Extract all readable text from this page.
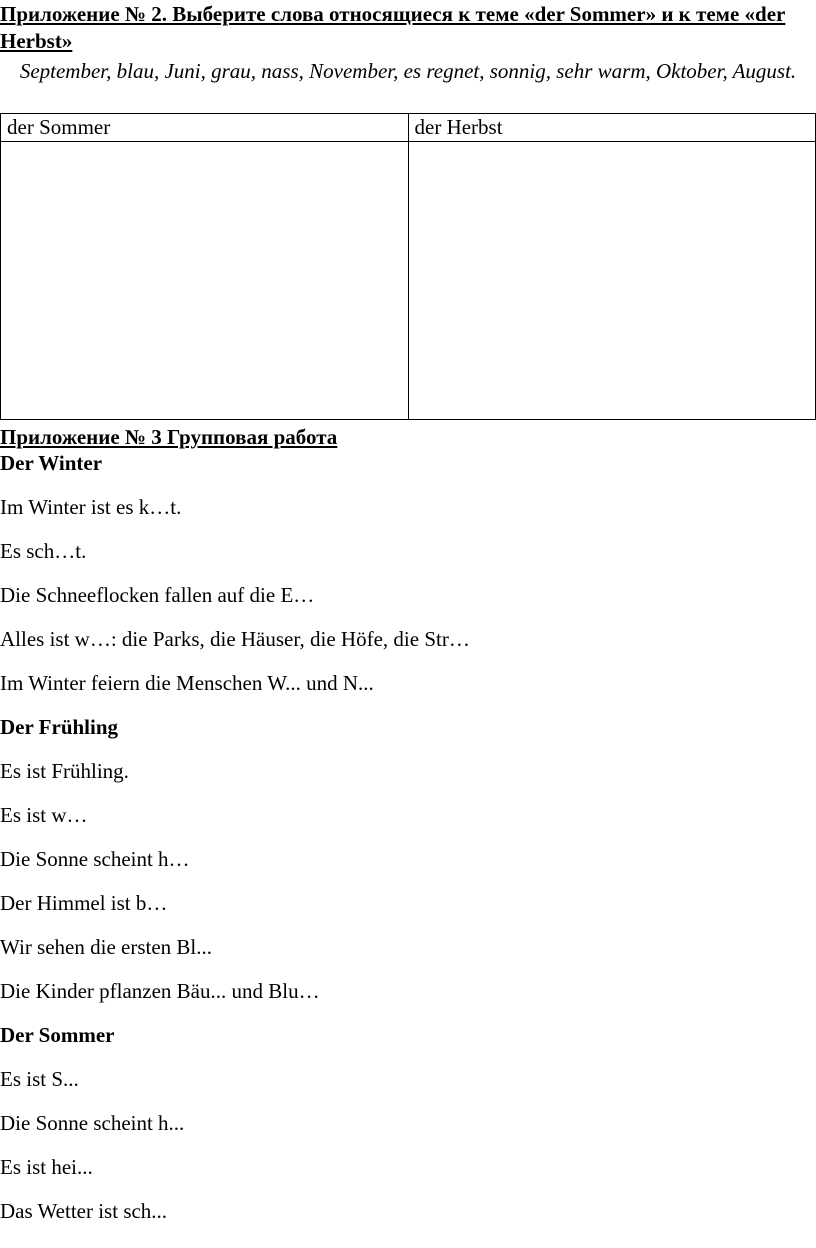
Приложение № 2. Выберите слова относящиеся к теме «der Sommer» и к теме «der Herbst»

September, blau, Juni, grau, nass, November, es regnet, sonnig, sehr warm, Oktober, August.

der Sommer	der Herbst

Приложение № 3 Групповая работа

Der Winter

Im Winter ist es k…t.

Es sch…t.

Die Schneeflocken fallen auf die E…

Alles ist w…: die Parks, die Häuser, die Höfe, die Str…

Im Winter feiern die Menschen W... und N...

Der Frühling

Es ist Frühling.

Es ist w…

Die Sonne scheint h…

Der Himmel ist b…

Wir sehen die ersten Bl...

Die Kinder pflanzen Bäu... und Blu…

Der Sommer

Es ist S...

Die Sonne scheint h...

Es ist hei...

Das Wetter ist sch...
